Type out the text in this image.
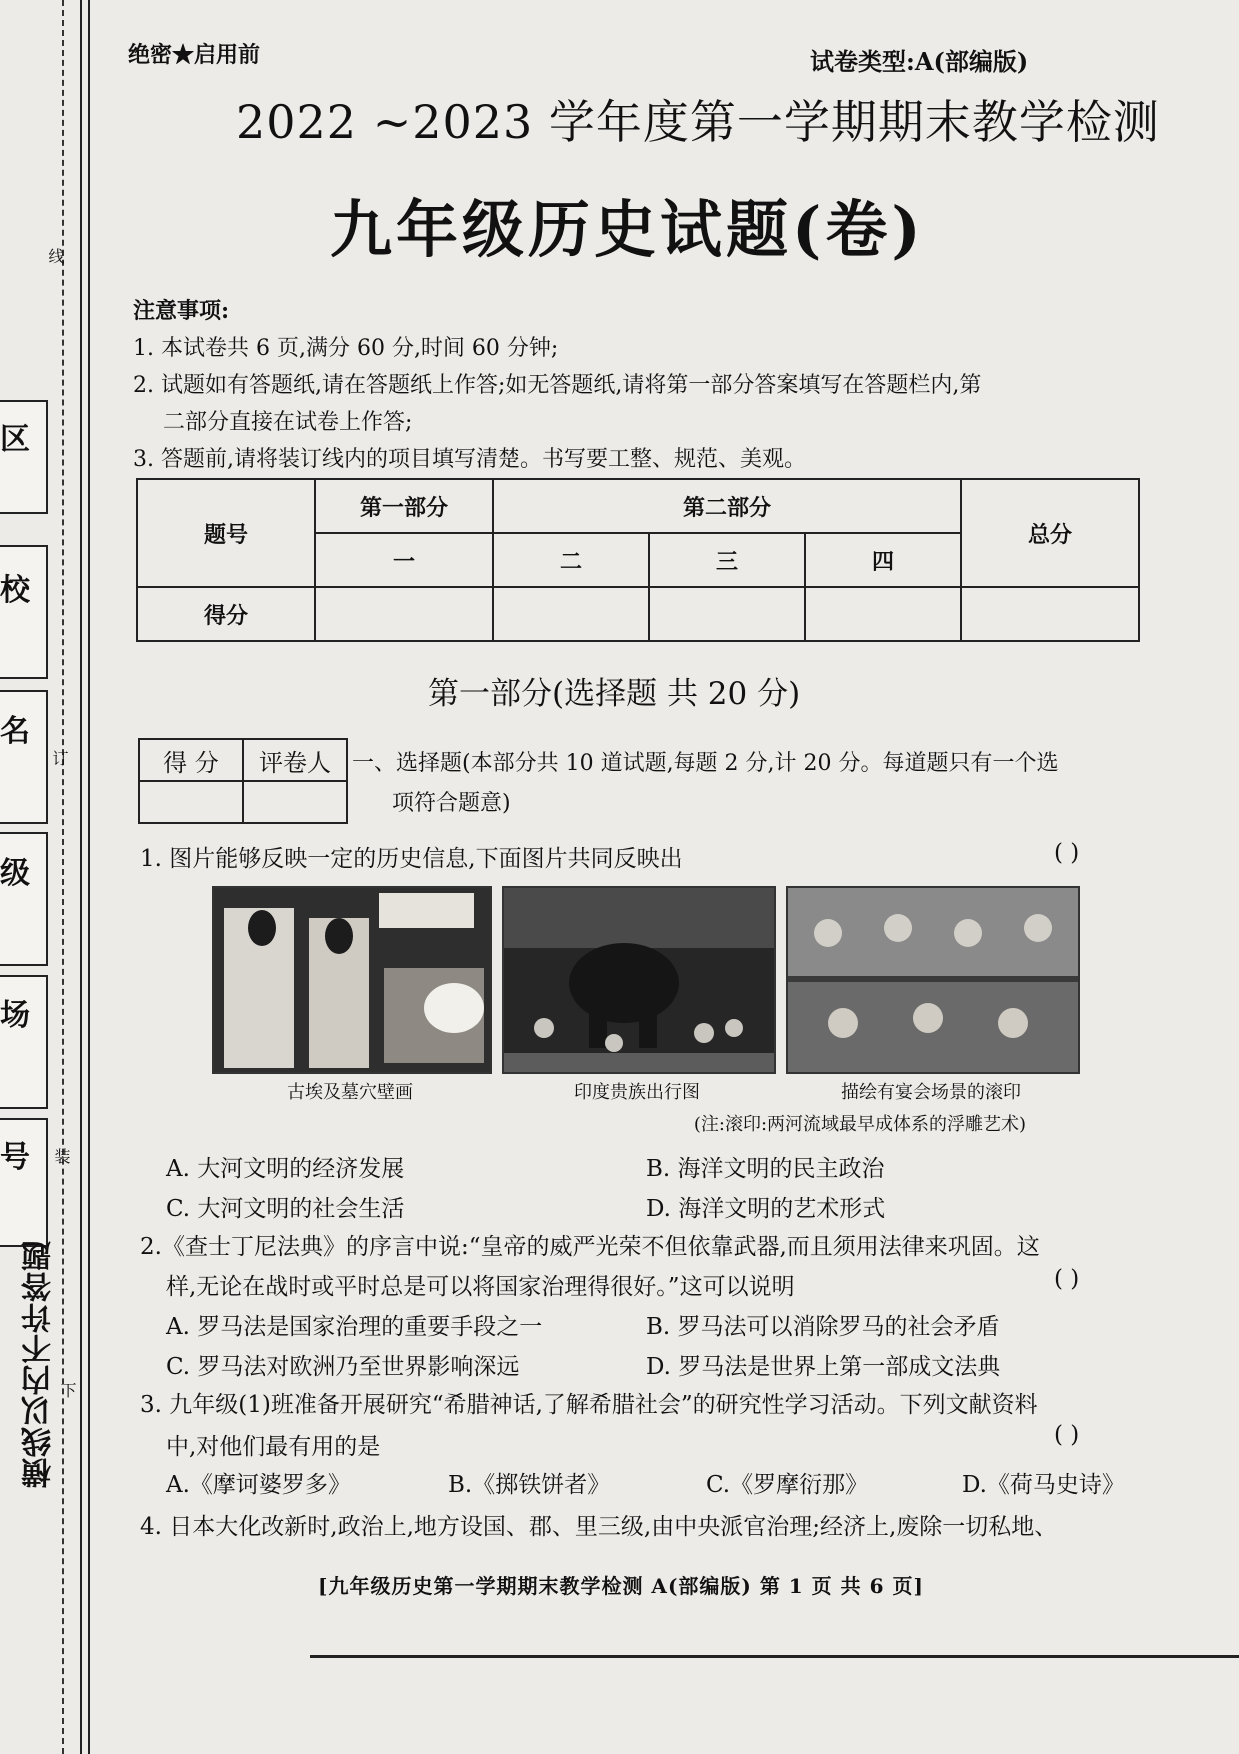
区
校
名
级
场
号
线
订
装
下
横线以内不许答题
绝密★启用前	试卷类型:A(部编版)
2022 ~2023 学年度第一学期期末教学检测
九年级历史试题(卷)
注意事项:
1. 本试卷共 6 页,满分 60 分,时间 60 分钟;
2. 试题如有答题纸,请在答题纸上作答;如无答题纸,请将第一部分答案填写在答题栏内,第
二部分直接在试卷上作答;
3. 答题前,请将装订线内的项目填写清楚。书写要工整、规范、美观。
题号	第一部分	第二部分			总分
	一	二	三	四	
得分					
第一部分(选择题 共 20 分)
得 分	评卷人
	一、选择题(本部分共 10 道试题,每题 2 分,计 20 分。每道题只有一个选
项符合题意)
1. 图片能够反映一定的历史信息,下面图片共同反映出	( )
古埃及墓穴壁画	印度贵族出行图	描绘有宴会场景的滚印
(注:滚印:两河流域最早成体系的浮雕艺术)
A. 大河文明的经济发展	B. 海洋文明的民主政治
C. 大河文明的社会生活	D. 海洋文明的艺术形式
2.《查士丁尼法典》的序言中说:“皇帝的威严光荣不但依靠武器,而且须用法律来巩固。这
样,无论在战时或平时总是可以将国家治理得很好。”这可以说明	( )
A. 罗马法是国家治理的重要手段之一	B. 罗马法可以消除罗马的社会矛盾
C. 罗马法对欧洲乃至世界影响深远	D. 罗马法是世界上第一部成文法典
3. 九年级(1)班准备开展研究“希腊神话,了解希腊社会”的研究性学习活动。下列文献资料
中,对他们最有用的是	( )
A.《摩诃婆罗多》	B.《掷铁饼者》	C.《罗摩衍那》	D.《荷马史诗》
4. 日本大化改新时,政治上,地方设国、郡、里三级,由中央派官治理;经济上,废除一切私地、
[九年级历史第一学期期末教学检测 A(部编版) 第 1 页 共 6 页]
